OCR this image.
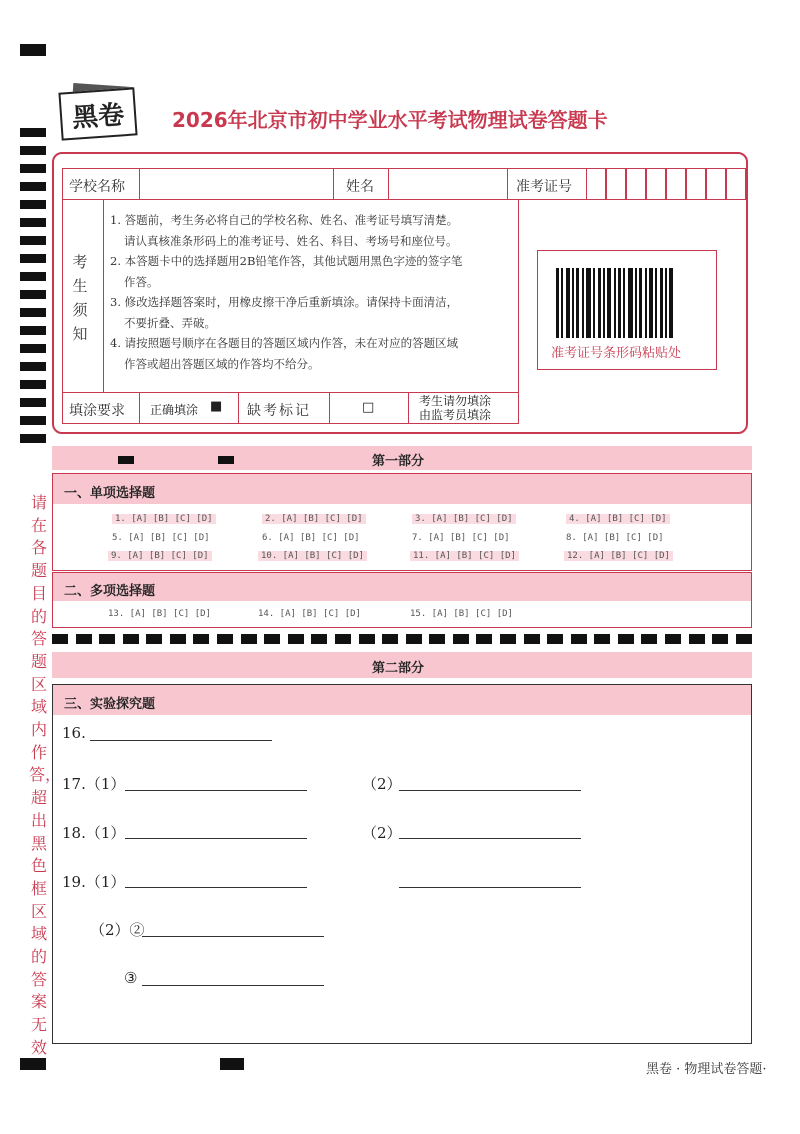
黑卷 2026年北京市初中学业水平考试物理试卷答题卡
学校名称	姓名	准考证号
考
生
须
知
1. 答题前，考生务必将自己的学校名称、姓名、准考证号填写清楚。
请认真核准条形码上的准考证号、姓名、科目、考场号和座位号。
2. 本答题卡中的选择题用2B铅笔作答，其他试题用黑色字迹的签字笔
作答。
3. 修改选择题答案时，用橡皮擦干净后重新填涂。请保持卡面清洁，
不要折叠、弄破。
4. 请按照题号顺序在各题目的答题区域内作答，未在对应的答题区域
作答或超出答题区域的作答均不给分。
准考证号条形码粘贴处
填涂要求 正确填涂 ■ 缺考标记	□	考生请勿填涂
由监考员填涂
第一部分
一、单项选择题
1. [A] [B] [C] [D]	2. [A] [B] [C] [D]	3. [A] [B] [C] [D]	4. [A] [B] [C] [D]
5. [A] [B] [C] [D]	6. [A] [B] [C] [D]	7. [A] [B] [C] [D]	8. [A] [B] [C] [D]
9. [A] [B] [C] [D]	10. [A] [B] [C] [D]	11. [A] [B] [C] [D]	12. [A] [B] [C] [D]
二、多项选择题
13. [A] [B] [C] [D]	14. [A] [B] [C] [D]	15. [A] [B] [C] [D]
请在各题目的答题区域内作答，超出黑色框区域的答案无效
第二部分
三、实验探究题
16.
17.（1）	（2）
18.（1）	（2）
19.（1）
（2）②
③
黑卷 · 物理试卷答题·
